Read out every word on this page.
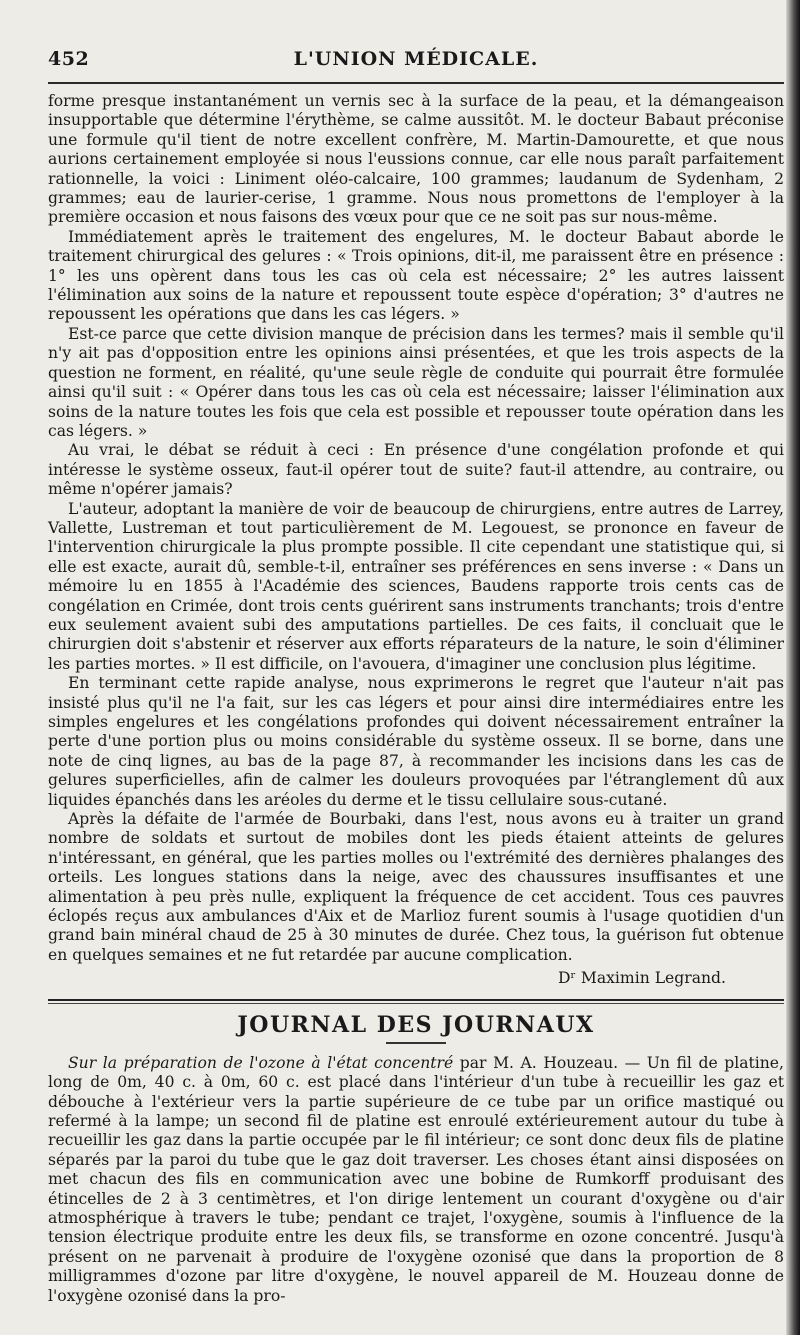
L'UNION MÉDICALE.
452

forme presque instantanément un vernis sec à la surface de la peau, et la démangeaison insupportable que détermine l'érythème, se calme aussitôt. M. le docteur Babaut préconise une formule qu'il tient de notre excellent confrère, M. Martin-Damourette, et que nous aurions certainement employée si nous l'eussions connue, car elle nous paraît parfaitement rationnelle, la voici : Liniment oléo-calcaire, 100 grammes; laudanum de Sydenham, 2 grammes; eau de laurier-cerise, 1 gramme. Nous nous promettons de l'employer à la première occasion et nous faisons des vœux pour que ce ne soit pas sur nous-même.

Immédiatement après le traitement des engelures, M. le docteur Babaut aborde le traitement chirurgical des gelures : « Trois opinions, dit-il, me paraissent être en présence : 1° les uns opèrent dans tous les cas où cela est nécessaire; 2° les autres laissent l'élimination aux soins de la nature et repoussent toute espèce d'opération; 3° d'autres ne repoussent les opérations que dans les cas légers. »

Est-ce parce que cette division manque de précision dans les termes? mais il semble qu'il n'y ait pas d'opposition entre les opinions ainsi présentées, et que les trois aspects de la question ne forment, en réalité, qu'une seule règle de conduite qui pourrait être formulée ainsi qu'il suit : « Opérer dans tous les cas où cela est nécessaire; laisser l'élimination aux soins de la nature toutes les fois que cela est possible et repousser toute opération dans les cas légers. »

Au vrai, le débat se réduit à ceci : En présence d'une congélation profonde et qui intéresse le système osseux, faut-il opérer tout de suite? faut-il attendre, au contraire, ou même n'opérer jamais?

L'auteur, adoptant la manière de voir de beaucoup de chirurgiens, entre autres de Larrey, Vallette, Lustreman et tout particulièrement de M. Legouest, se prononce en faveur de l'intervention chirurgicale la plus prompte possible. Il cite cependant une statistique qui, si elle est exacte, aurait dû, semble-t-il, entraîner ses préférences en sens inverse : « Dans un mémoire lu en 1855 à l'Académie des sciences, Baudens rapporte trois cents cas de congélation en Crimée, dont trois cents guérirent sans instruments tranchants; trois d'entre eux seulement avaient subi des amputations partielles. De ces faits, il concluait que le chirurgien doit s'abstenir et réserver aux efforts réparateurs de la nature, le soin d'éliminer les parties mortes. » Il est difficile, on l'avouera, d'imaginer une conclusion plus légitime.

En terminant cette rapide analyse, nous exprimerons le regret que l'auteur n'ait pas insisté plus qu'il ne l'a fait, sur les cas légers et pour ainsi dire intermédiaires entre les simples engelures et les congélations profondes qui doivent nécessairement entraîner la perte d'une portion plus ou moins considérable du système osseux. Il se borne, dans une note de cinq lignes, au bas de la page 87, à recommander les incisions dans les cas de gelures superficielles, afin de calmer les douleurs provoquées par l'étranglement dû aux liquides épanchés dans les aréoles du derme et le tissu cellulaire sous-cutané.

Après la défaite de l'armée de Bourbaki, dans l'est, nous avons eu à traiter un grand nombre de soldats et surtout de mobiles dont les pieds étaient atteints de gelures n'intéressant, en général, que les parties molles ou l'extrémité des dernières phalanges des orteils. Les longues stations dans la neige, avec des chaussures insuffisantes et une alimentation à peu près nulle, expliquent la fréquence de cet accident. Tous ces pauvres éclopés reçus aux ambulances d'Aix et de Marlioz furent soumis à l'usage quotidien d'un grand bain minéral chaud de 25 à 30 minutes de durée. Chez tous, la guérison fut obtenue en quelques semaines et ne fut retardée par aucune complication.

Dʳ Maximin Legrand.
JOURNAL DES JOURNAUX

Sur la préparation de l'ozone à l'état concentré par M. A. Houzeau. — Un fil de platine, long de 0m, 40 c. à 0m, 60 c. est placé dans l'intérieur d'un tube à recueillir les gaz et débouche à l'extérieur vers la partie supérieure de ce tube par un orifice mastiqué ou refermé à la lampe; un second fil de platine est enroulé extérieurement autour du tube à recueillir les gaz dans la partie occupée par le fil intérieur; ce sont donc deux fils de platine séparés par la paroi du tube que le gaz doit traverser. Les choses étant ainsi disposées on met chacun des fils en communication avec une bobine de Rumkorff produisant des étincelles de 2 à 3 centimètres, et l'on dirige lentement un courant d'oxygène ou d'air atmosphérique à travers le tube; pendant ce trajet, l'oxygène, soumis à l'influence de la tension électrique produite entre les deux fils, se transforme en ozone concentré. Jusqu'à présent on ne parvenait à produire de l'oxygène ozonisé que dans la proportion de 8 milligrammes d'ozone par litre d'oxygène, le nouvel appareil de M. Houzeau donne de l'oxygène ozonisé dans la pro-
